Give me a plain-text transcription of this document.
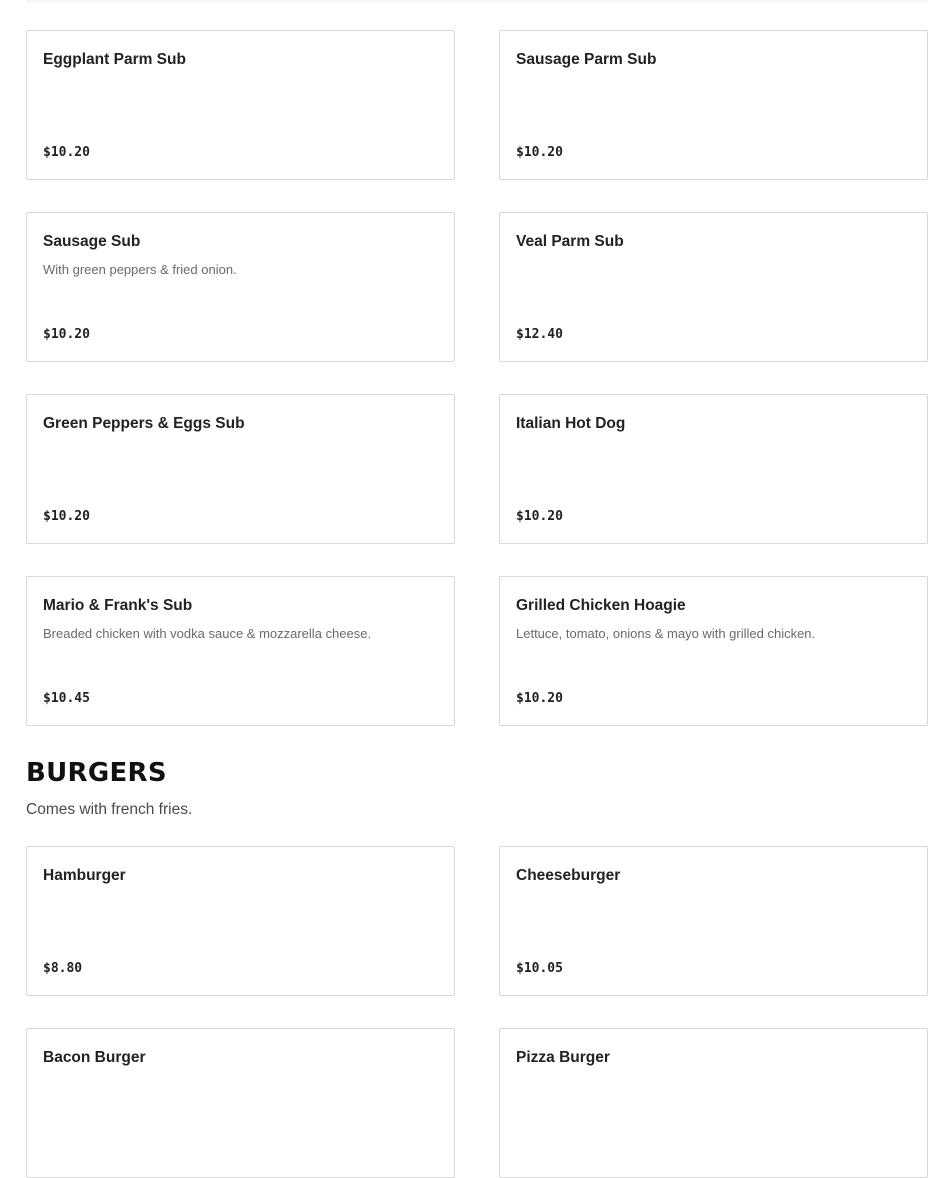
Eggplant Parm Sub
$10.20
Sausage Parm Sub
$10.20
Sausage Sub
With green peppers & fried onion.
$10.20
Veal Parm Sub
$12.40
Green Peppers & Eggs Sub
$10.20
Italian Hot Dog
$10.20
Mario & Frank's Sub
Breaded chicken with vodka sauce & mozzarella cheese.
$10.45
Grilled Chicken Hoagie
Lettuce, tomato, onions & mayo with grilled chicken.
$10.20
BURGERS

Comes with french fries.

Hamburger
$8.80
Cheeseburger
$10.05
Bacon Burger	Pizza Burger
